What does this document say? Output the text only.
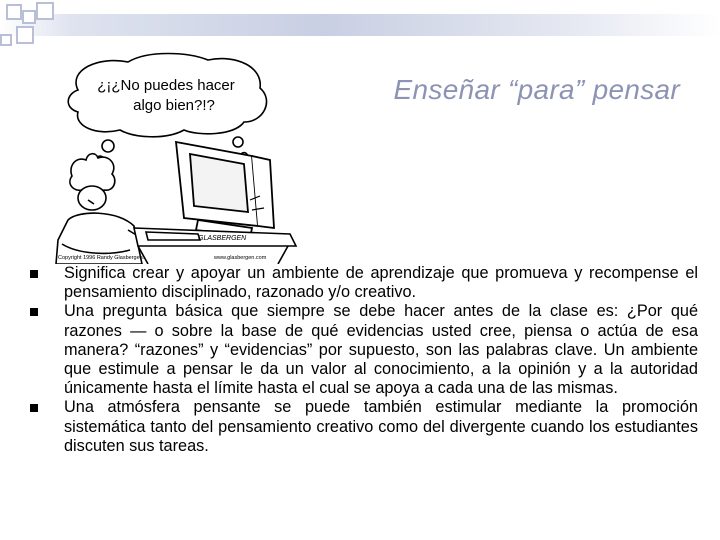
Enseñar “para” pensar
¿¡¿No puedes hacer
algo bien?!?
GLASBERGEN
Copyright 1996 Randy Glasbergen.	www.glasbergen.com

Significa crear y apoyar un ambiente de aprendizaje que promueva y recompense el pensamiento disciplinado, razonado y/o creativo.

Una pregunta básica que siempre se debe hacer antes de la clase es: ¿Por qué razones — o sobre la base de qué evidencias usted cree, piensa o actúa de esa manera? “razones” y “evidencias” por supuesto, son las palabras clave. Un ambiente que estimule a pensar le da un valor al conocimiento, a la opinión y a la autoridad únicamente hasta el límite hasta el cual se apoya a cada una de las mismas.

Una atmósfera pensante se puede también estimular mediante la promoción sistemática tanto del pensamiento creativo como del divergente cuando los estudiantes discuten sus tareas.
